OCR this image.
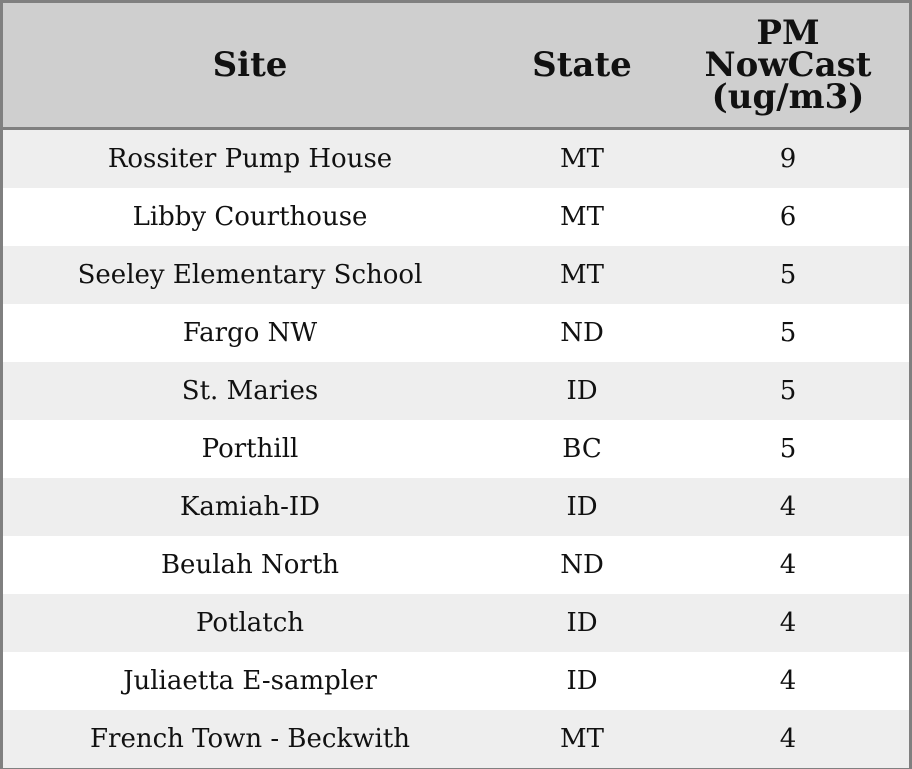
Site	State	PM
NowCast
(ug/m3)

Rossiter Pump House	MT	9
Libby Courthouse	MT	6
Seeley Elementary School	MT	5
Fargo NW	ND	5
St. Maries	ID	5
Porthill	BC	5
Kamiah-ID	ID	4
Beulah North	ND	4
Potlatch	ID	4
Juliaetta E-sampler	ID	4
French Town - Beckwith	MT	4
